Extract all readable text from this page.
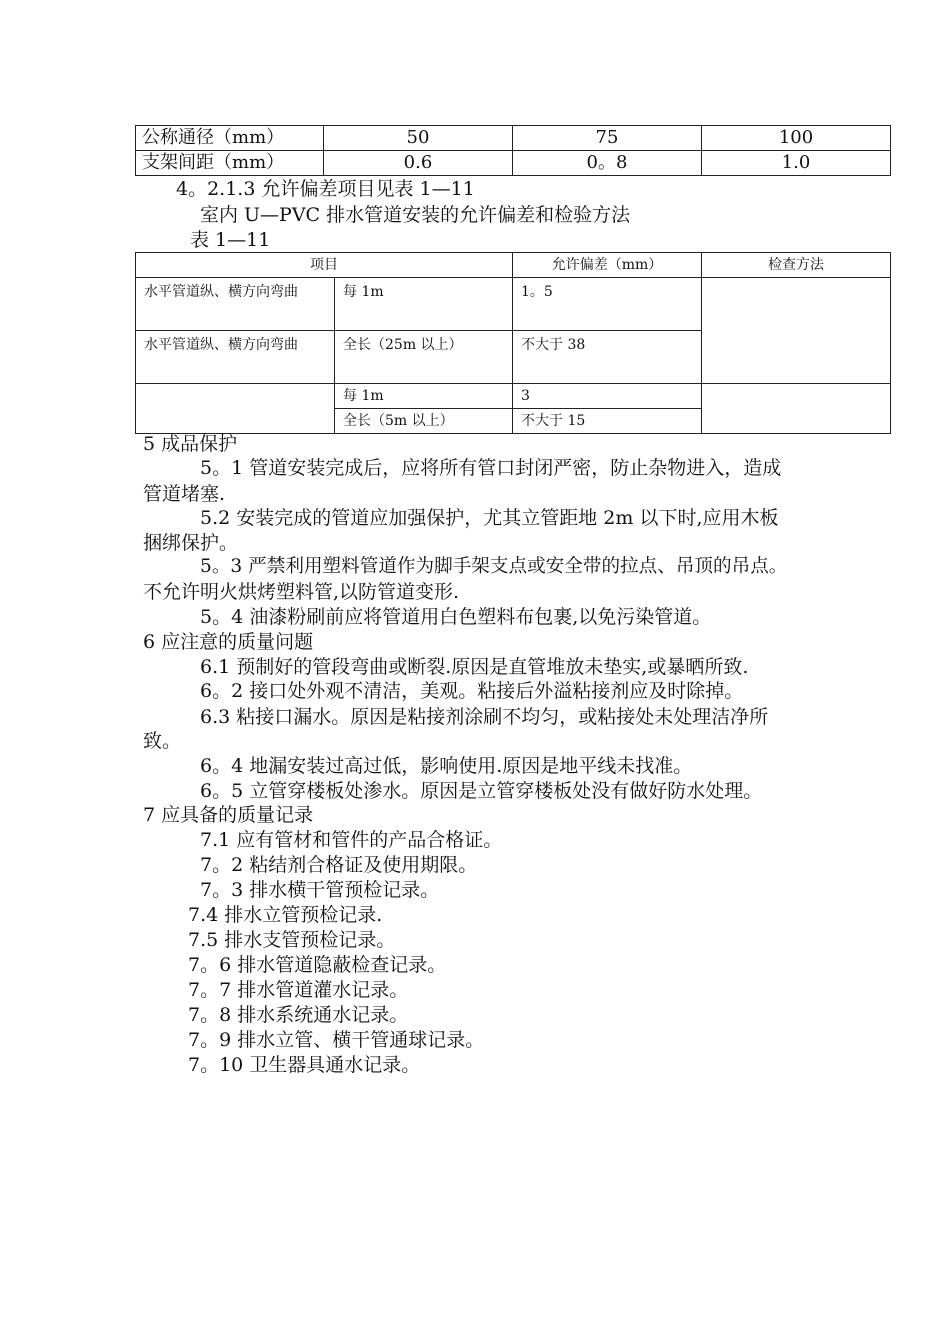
公称通径（mm）	50	75	100
支架间距（mm）	0.6	0。8	1.0
4。2.1.3 允许偏差项目见表 1—11
室内 U—PVC 排水管道安装的允许偏差和检验方法
表 1—11
项目		允许偏差（mm）	检查方法
水平管道纵、横方向弯曲	每 1m	1。5	
水平管道纵、横方向弯曲	全长（25m 以上）	不大于 38	
	每 1m	3	
	全长（5m 以上）	不大于 15	
5 成品保护
5。1 管道安装完成后，应将所有管口封闭严密，防止杂物进入，造成
管道堵塞.
5.2 安装完成的管道应加强保护，尤其立管距地 2m 以下时,应用木板
捆绑保护。
5。3 严禁利用塑料管道作为脚手架支点或安全带的拉点、吊顶的吊点。
不允许明火烘烤塑料管,以防管道变形.
5。4 油漆粉刷前应将管道用白色塑料布包裹,以免污染管道。
6 应注意的质量问题
6.1 预制好的管段弯曲或断裂.原因是直管堆放未垫实,或暴晒所致.
6。2 接口处外观不清洁，美观。粘接后外溢粘接剂应及时除掉。
6.3 粘接口漏水。原因是粘接剂涂刷不均匀，或粘接处未处理洁净所
致。
6。4 地漏安装过高过低，影响使用.原因是地平线未找准。
6。5 立管穿楼板处渗水。原因是立管穿楼板处没有做好防水处理。
7 应具备的质量记录
7.1 应有管材和管件的产品合格证。
7。2 粘结剂合格证及使用期限。
7。3 排水横干管预检记录。
7.4 排水立管预检记录.
7.5 排水支管预检记录。
7。6 排水管道隐蔽检查记录。
7。7 排水管道灌水记录。
7。8 排水系统通水记录。
7。9 排水立管、横干管通球记录。
7。10 卫生器具通水记录。
